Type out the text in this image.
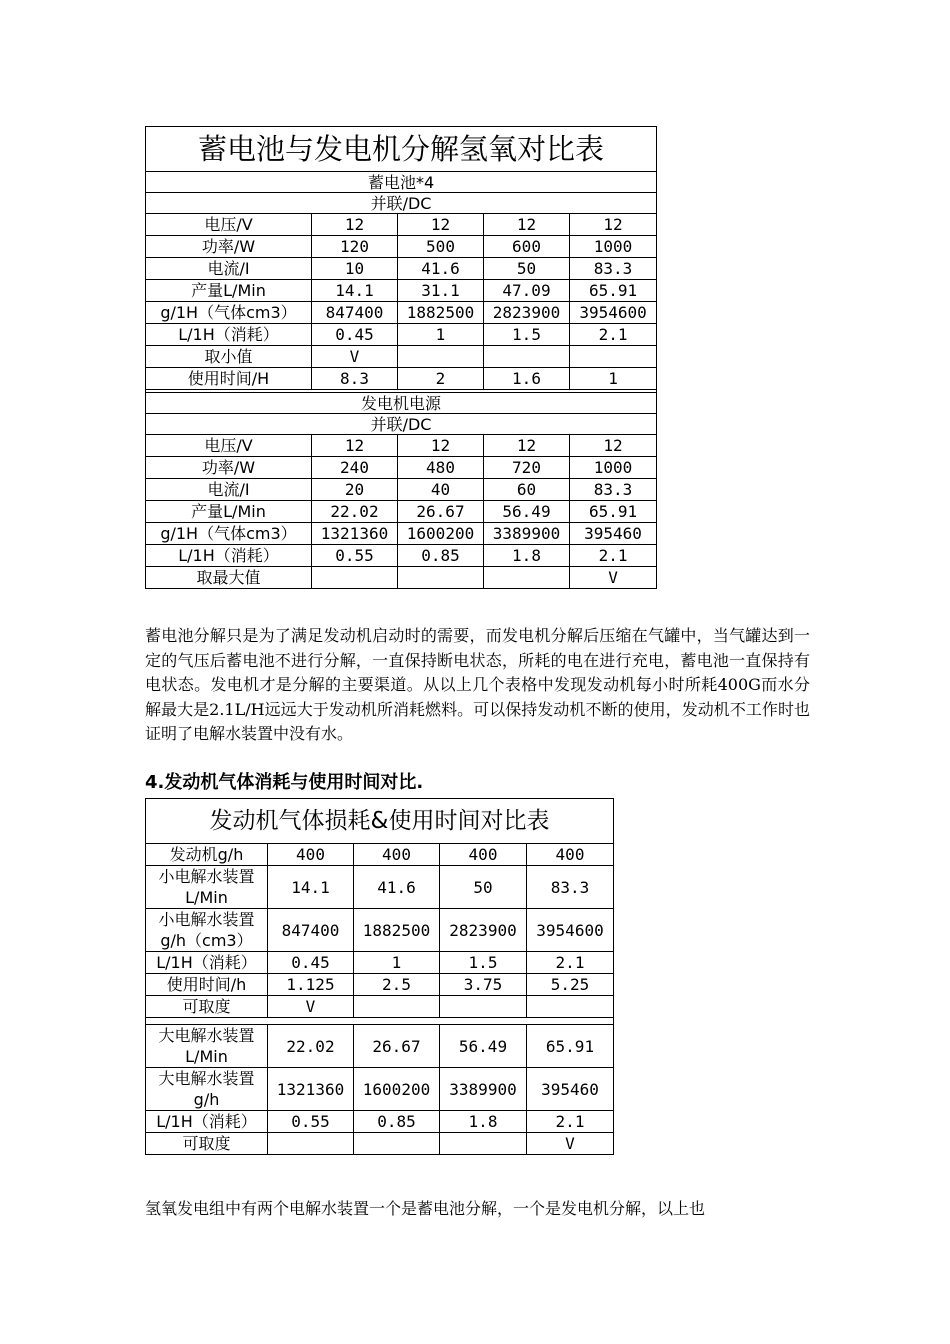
蓄电池与发电机分解氢氧对比表				
蓄电池*4				
并联/DC				
电压/V	12	12	12	12
功率/W	120	500	600	1000
电流/I	10	41.6	50	83.3
产量L/Min	14.1	31.1	47.09	65.91
g/1H（气体cm3）	847400	1882500	2823900	3954600
L/1H（消耗）	0.45	1	1.5	2.1
取小值	V			
使用时间/H	8.3	2	1.6	1

发电机电源				
并联/DC				
电压/V	12	12	12	12
功率/W	240	480	720	1000
电流/I	20	40	60	83.3
产量L/Min	22.02	26.67	56.49	65.91
g/1H（气体cm3）	1321360	1600200	3389900	395460
L/1H（消耗）	0.55	0.85	1.8	2.1
取最大值				V
蓄电池分解只是为了满足发动机启动时的需要，而发电机分解后压缩在气罐中，当气罐达到一定的气压后蓄电池不进行分解，一直保持断电状态，所耗的电在进行充电，蓄电池一直保持有电状态。发电机才是分解的主要渠道。从以上几个表格中发现发动机每小时所耗400G而水分解最大是2.1L/H远远大于发动机所消耗燃料。可以保持发动机不断的使用，发动机不工作时也证明了电解水装置中没有水。
4.发动机气体消耗与使用时间对比.
发动机气体损耗&使用时间对比表				
发动机g/h	400	400	400	400
小电解水装置 L/Min	14.1	41.6	50	83.3
小电解水装置 g/h（cm3）	847400	1882500	2823900	3954600
L/1H（消耗）	0.45	1	1.5	2.1
使用时间/h	1.125	2.5	3.75	5.25
可取度	V			

大电解水装置 L/Min	22.02	26.67	56.49	65.91
大电解水装置 g/h	1321360	1600200	3389900	395460
L/1H（消耗）	0.55	0.85	1.8	2.1
可取度				V
氢氧发电组中有两个电解水装置一个是蓄电池分解，一个是发电机分解，以上也
